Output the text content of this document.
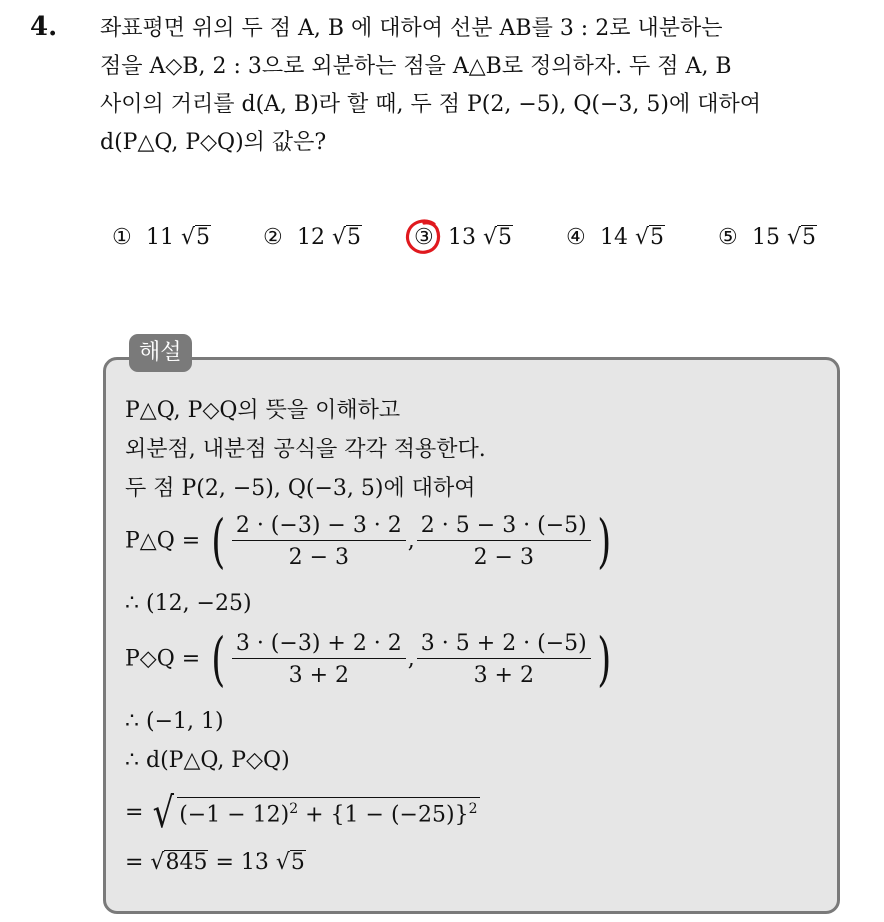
4. 좌표평면 위의 두 점 A, B 에 대하여 선분 AB를 3 : 2로 내분하는
점을 A◇B, 2 : 3으로 외분하는 점을 A△B로 정의하자. 두 점 A, B
사이의 거리를 d(A, B)라 할 때, 두 점 P(2, −5), Q(−3, 5)에 대하여
d(P△Q, P◇Q)의 값은?
① 11 √5 ② 12 √5 ③ 13 √5 ④ 14 √5 ⑤ 15 √5
해설
P△Q, P◇Q의 뜻을 이해하고
외분점, 내분점 공식을 각각 적용한다.
두 점 P(2, −5), Q(−3, 5)에 대하여
P△Q = ( $\frac{2 \cdot (-3) - 3 \cdot 2}{2 - 3}$ , $\frac{2 \cdot 5 - 3 \cdot (-5)}{2 - 3}$ )
∴ (12, −25)
P◇Q = ( $\frac{3 \cdot (-3) + 2 \cdot 2}{3 + 2}$ , $\frac{3 \cdot 5 + 2 \cdot (-5)}{3 + 2}$ )
∴ (−1, 1)
∴ d(P△Q, P◇Q)
= √ $(-1 - 12)^2 + \{1 - (-25)\}^2$
= √845 = 13 √5
